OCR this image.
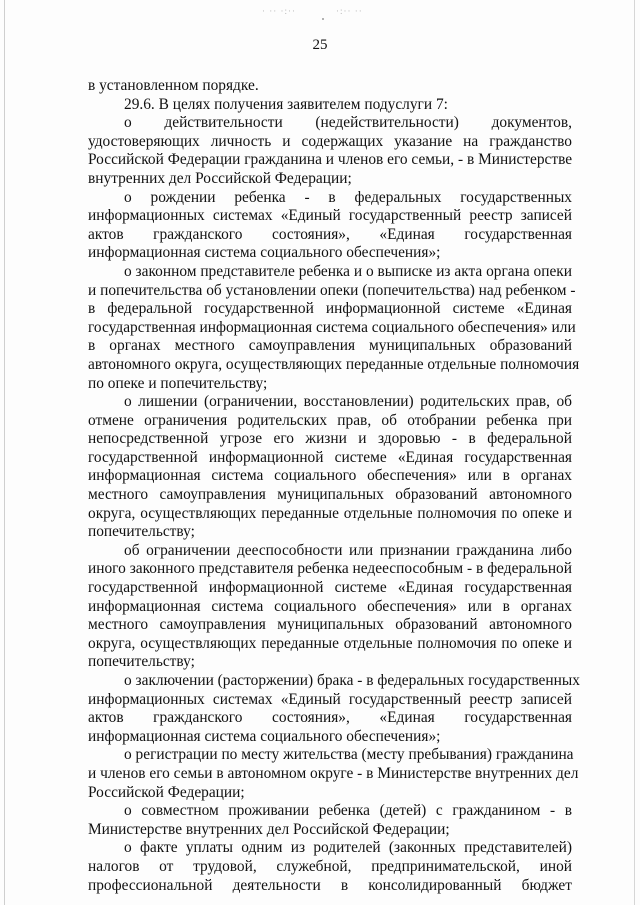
· ·· ·:··	·:·· ··
25
в установленном порядке.
29.6. В целях получения заявителем подуслуги 7:
о действительности (недействительности) документов,
удостоверяющих личность и содержащих указание на гражданство
Российской Федерации гражданина и членов его семьи, - в Министерстве
внутренних дел Российской Федерации;
о рождении ребенка - в федеральных государственных
информационных системах «Единый государственный реестр записей
актов гражданского состояния», «Единая государственная
информационная система социального обеспечения»;
о законном представителе ребенка и о выписке из акта органа опеки
и попечительства об установлении опеки (попечительства) над ребенком -
в федеральной государственной информационной системе «Единая
государственная информационная система социального обеспечения» или
в органах местного самоуправления муниципальных образований
автономного округа, осуществляющих переданные отдельные полномочия
по опеке и попечительству;
о лишении (ограничении, восстановлении) родительских прав, об
отмене ограничения родительских прав, об отобрании ребенка при
непосредственной угрозе его жизни и здоровью - в федеральной
государственной информационной системе «Единая государственная
информационная система социального обеспечения» или в органах
местного самоуправления муниципальных образований автономного
округа, осуществляющих переданные отдельные полномочия по опеке и
попечительству;
об ограничении дееспособности или признании гражданина либо
иного законного представителя ребенка недееспособным - в федеральной
государственной информационной системе «Единая государственная
информационная система социального обеспечения» или в органах
местного самоуправления муниципальных образований автономного
округа, осуществляющих переданные отдельные полномочия по опеке и
попечительству;
о заключении (расторжении) брака - в федеральных государственных
информационных системах «Единый государственный реестр записей
актов гражданского состояния», «Единая государственная
информационная система социального обеспечения»;
о регистрации по месту жительства (месту пребывания) гражданина
и членов его семьи в автономном округе - в Министерстве внутренних дел
Российской Федерации;
о совместном проживании ребенка (детей) с гражданином - в
Министерстве внутренних дел Российской Федерации;
о факте уплаты одним из родителей (законных представителей)
налогов от трудовой, служебной, предпринимательской, иной
профессиональной деятельности в консолидированный бюджет
